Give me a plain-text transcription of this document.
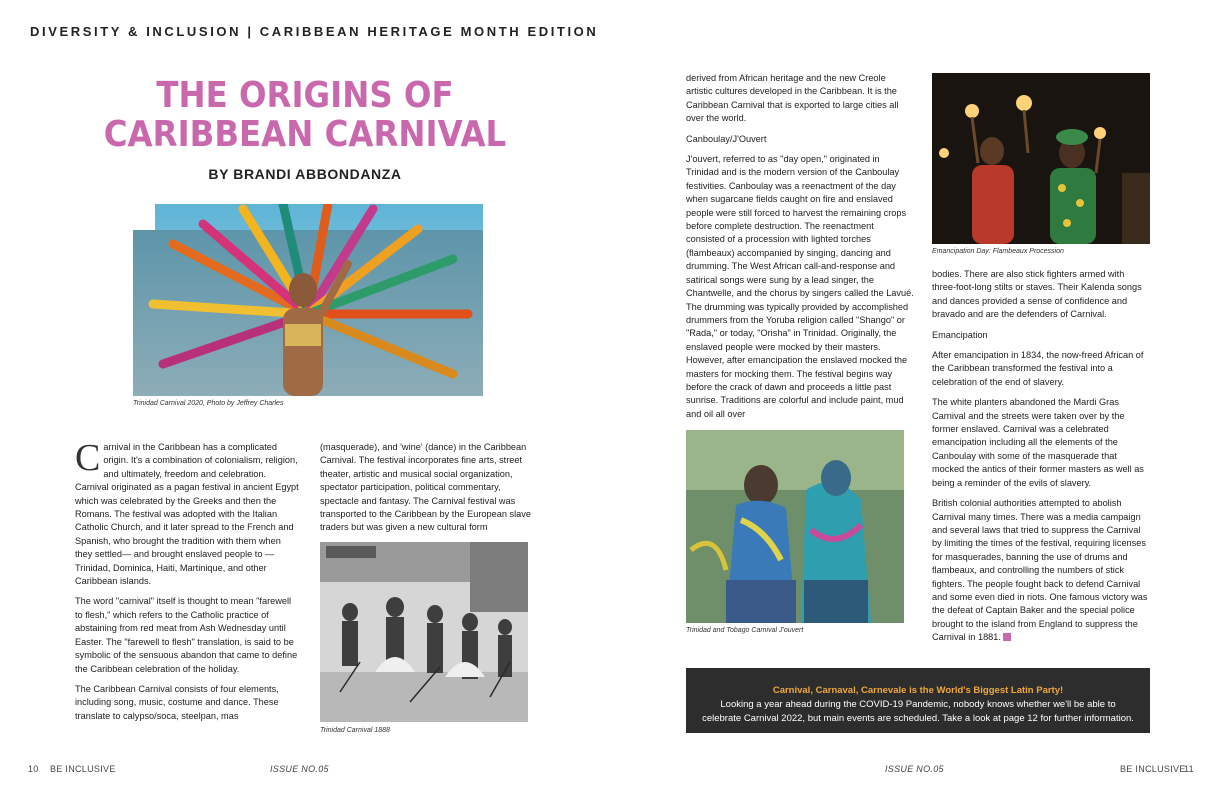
DIVERSITY & INCLUSION | CARIBBEAN HERITAGE MONTH EDITION
THE ORIGINS OF
CARIBBEAN CARNIVAL
BY BRANDI ABBONDANZA
Trinidad Carnival 2020, Photo by Jeffrey Charles

Carnival in the Caribbean has a complicated origin. It's a combination of colonialism, religion, and ultimately, freedom and celebration. Carnival originated as a pagan festival in ancient Egypt which was celebrated by the Greeks and then the Romans. The festival was adopted with the Italian Catholic Church, and it later spread to the French and Spanish, who brought the tradition with them when they settled— and brought enslaved people to — Trinidad, Dominica, Haiti, Martinique, and other Caribbean islands.

The word "carnival" itself is thought to mean "farewell to flesh," which refers to the Catholic practice of abstaining from red meat from Ash Wednesday until Easter. The "farewell to flesh" translation, is said to be symbolic of the sensuous abandon that came to define the Caribbean celebration of the holiday.

The Caribbean Carnival consists of four elements, including song, music, costume and dance. These translate to calypso/soca, steelpan, mas

(masquerade), and 'wine' (dance) in the Caribbean Carnival. The festival incorporates fine arts, street theater, artistic and musical social organization, spectator participation, political commentary, spectacle and fantasy. The Carnival festival was transported to the Caribbean by the European slave traders but was given a new cultural form

Trinidad Carnival 1888

derived from African heritage and the new Creole artistic cultures developed in the Caribbean. It is the Caribbean Carnival that is exported to large cities all over the world.

Canboulay/J'Ouvert

J'ouvert, referred to as "day open," originated in Trinidad and is the modern version of the Canboulay festivities. Canboulay was a reenactment of the day when sugarcane fields caught on fire and enslaved people were still forced to harvest the remaining crops before complete destruction. The reenactment consisted of a procession with lighted torches (flambeaux) accompanied by singing, dancing and drumming. The West African call-and-response and satirical songs were sung by a lead singer, the Chantwelle, and the chorus by singers called the Lavué. The drumming was typically provided by accomplished drummers from the Yoruba religion called "Shango" or "Rada," or today, "Orisha" in Trinidad. Originally, the enslaved people were mocked by their masters. However, after emancipation the enslaved mocked the masters for mocking them. The festival begins way before the crack of dawn and proceeds a little past sunrise. Traditions are colorful and include paint, mud and oil all over

Emancipation Day: Flambeaux Procession

bodies. There are also stick fighters armed with three-foot-long stilts or staves. Their Kalenda songs and dances provided a sense of confidence and bravado and are the defenders of Carnival.

Emancipation

After emancipation in 1834, the now-freed African of the Caribbean transformed the festival into a celebration of the end of slavery.

The white planters abandoned the Mardi Gras Carnival and the streets were taken over by the former enslaved. Carnival was a celebrated emancipation including all the elements of the Canboulay with some of the masquerade that mocked the antics of their former masters as well as being a reminder of the evils of slavery.

British colonial authorities attempted to abolish Carnival many times. There was a media campaign and several laws that tried to suppress the Carnival by limiting the times of the festival, requiring licenses for masquerades, banning the use of drums and flambeaux, and controlling the numbers of stick fighters. The people fought back to defend Carnival and some even died in riots. One famous victory was the defeat of Captain Baker and the special police brought to the island from England to suppress the Carnival in 1881.

Trinidad and Tobago Carnival J'ouvert
Carnival, Carnaval, Carnevale is the World's Biggest Latin Party!
Looking a year ahead during the COVID-19 Pandemic, nobody knows whether we'll be able to
celebrate Carnival 2022, but main events are scheduled. Take a look at page 12 for further information.
10 BE INCLUSIVE	ISSUE NO.05	ISSUE NO.05	BE INCLUSIVE
11
